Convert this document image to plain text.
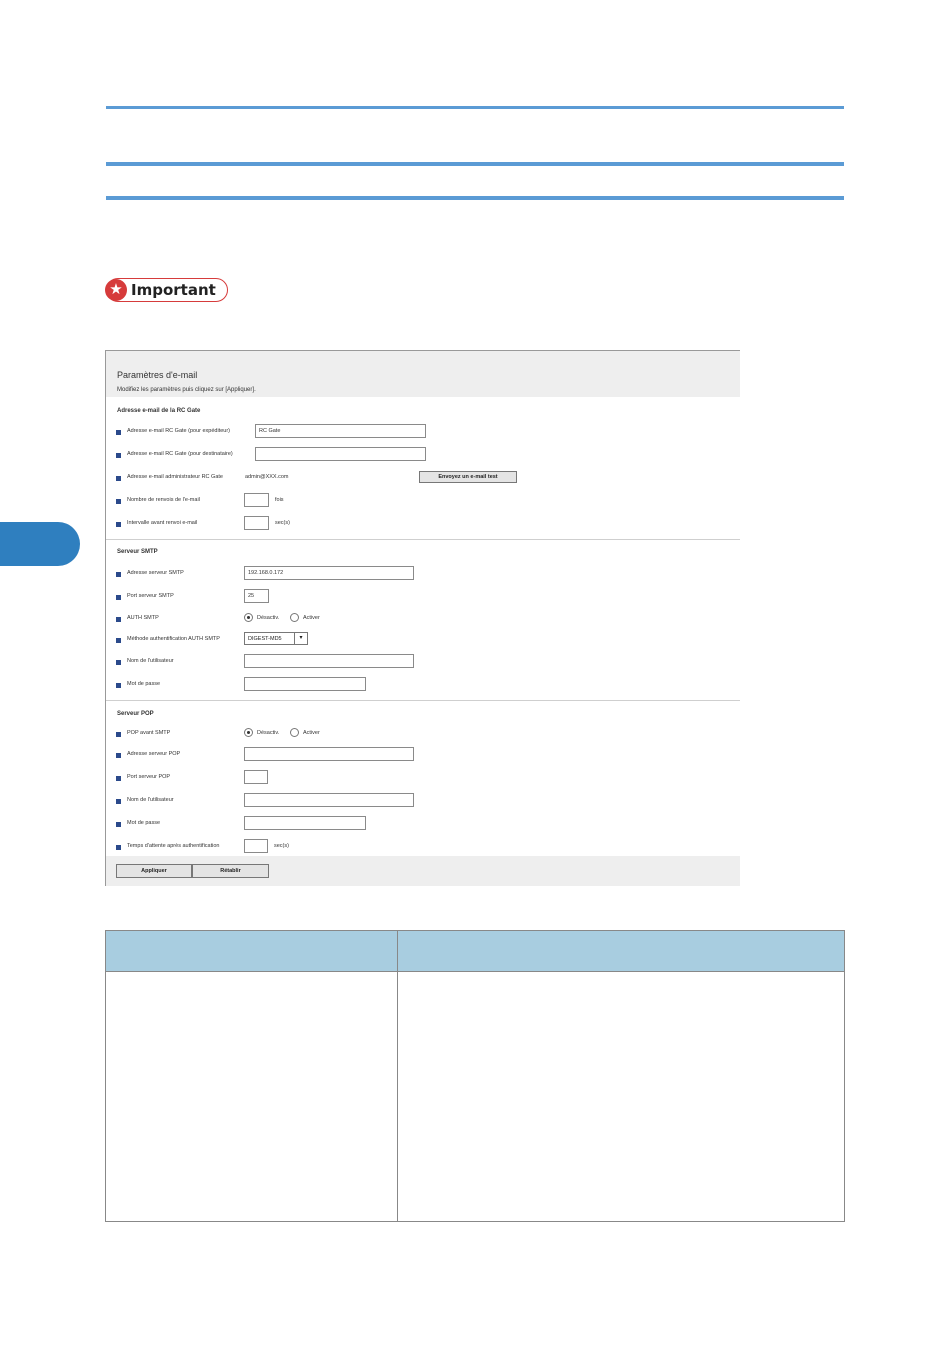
★ Important
Paramètres d'e-mail
Modifiez les paramètres puis cliquez sur [Appliquer].
Adresse e-mail de la RC Gate
Adresse e-mail RC Gate (pour expéditeur)	RC Gate
Adresse e-mail RC Gate (pour destinataire)
Adresse e-mail administrateur RC Gate	admin@XXX.com	Envoyez un e-mail test
Nombre de renvois de l'e-mail	fois
Intervalle avant renvoi e-mail	sec(s)
Serveur SMTP
Adresse serveur SMTP	192.168.0.172
Port serveur SMTP	25
AUTH SMTP	Désactiv.	Activer
Méthode authentification AUTH SMTP	DIGEST-MD5	▾
Nom de l'utilisateur
Mot de passe
Serveur POP
POP avant SMTP	Désactiv.	Activer
Adresse serveur POP
Port serveur POP
Nom de l'utilisateur
Mot de passe
Temps d'attente après authentification	sec(s)
Appliquer	Rétablir
